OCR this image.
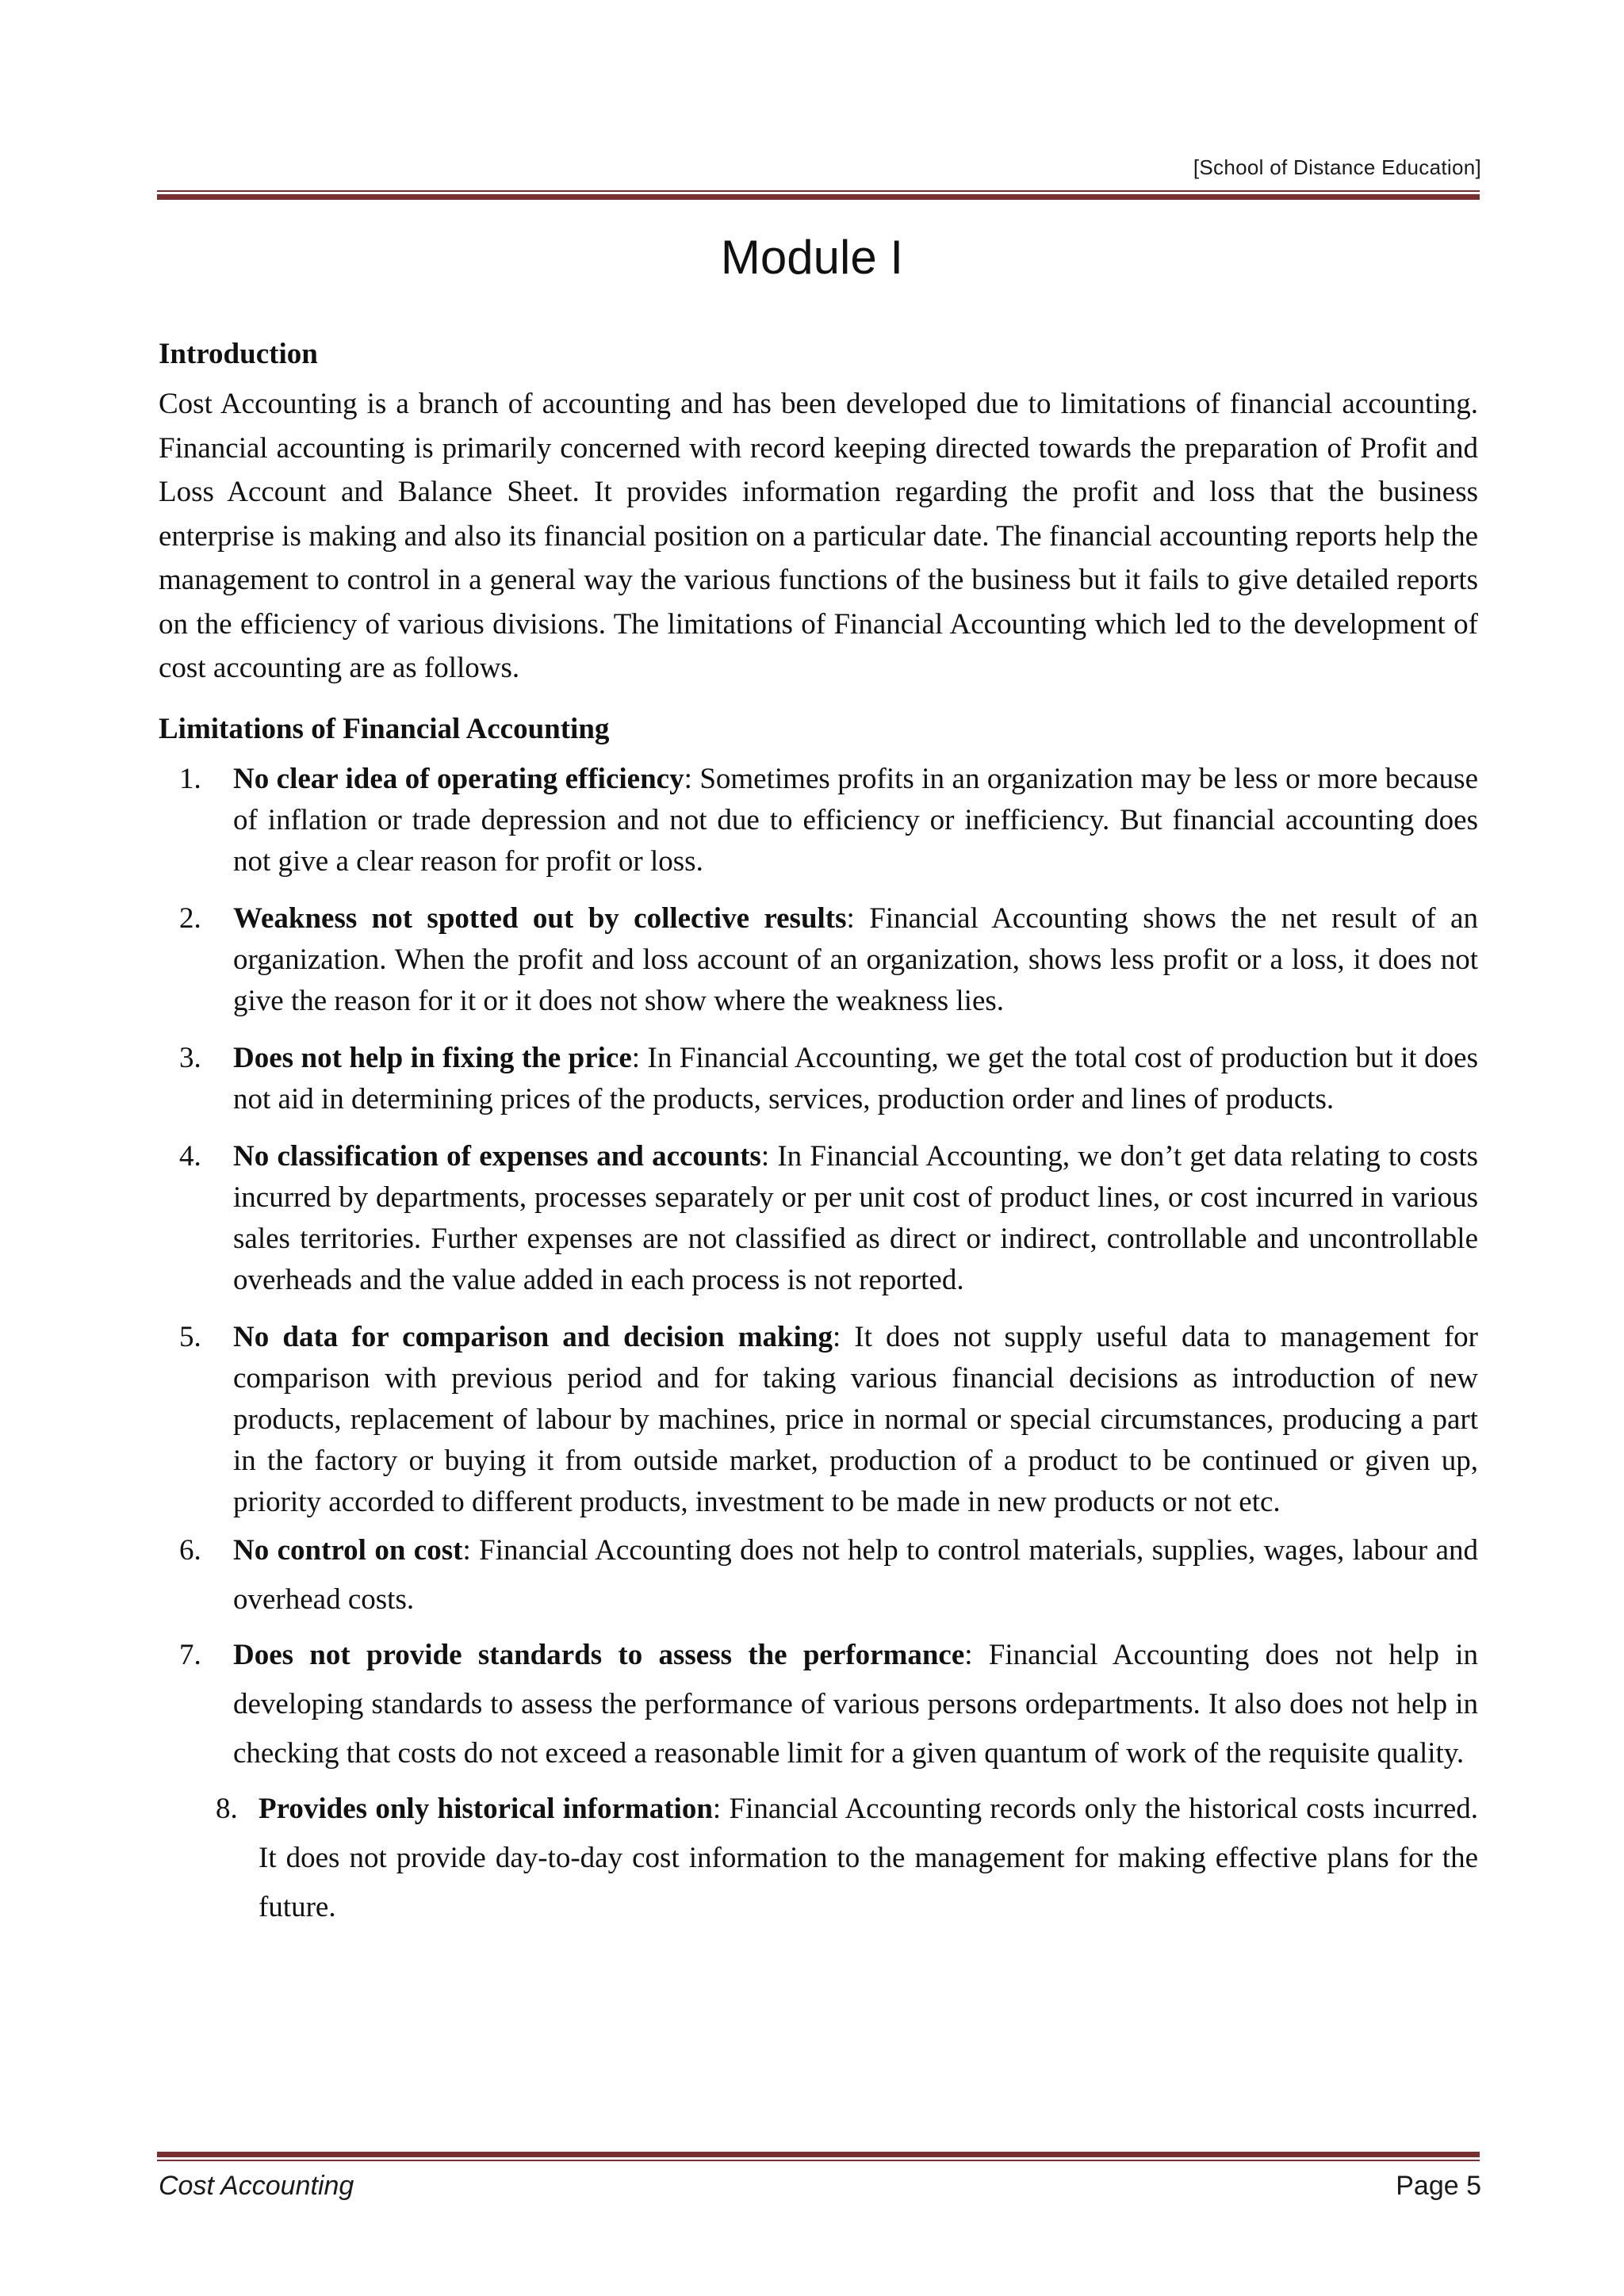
[School of Distance Education]
Module I
Introduction

Cost Accounting is a branch of accounting and has been developed due to limitations of financial accounting. Financial accounting is primarily concerned with record keeping directed towards the preparation of Profit and Loss Account and Balance Sheet. It provides information regarding the profit and loss that the business enterprise is making and also its financial position on a particular date. The financial accounting reports help the management to control in a general way the various functions of the business but it fails to give detailed reports on the efficiency of various divisions. The limitations of Financial Accounting which led to the development of cost accounting are as follows.

Limitations of Financial Accounting
1. No clear idea of operating efficiency: Sometimes profits in an organization may be less or more because of inflation or trade depression and not due to efficiency or inefficiency. But financial accounting does not give a clear reason for profit or loss.
2. Weakness not spotted out by collective results: Financial Accounting shows the net result of an organization. When the profit and loss account of an organization, shows less profit or a loss, it does not give the reason for it or it does not show where the weakness lies.
3. Does not help in fixing the price: In Financial Accounting, we get the total cost of production but it does not aid in determining prices of the products, services, production order and lines of products.
4. No classification of expenses and accounts: In Financial Accounting, we don’t get data relating to costs incurred by departments, processes separately or per unit cost of product lines, or cost incurred in various sales territories. Further expenses are not classified as direct or indirect, controllable and uncontrollable overheads and the value added in each process is not reported.
5. No data for comparison and decision making: It does not supply useful data to management for comparison with previous period and for taking various financial decisions as introduction of new products, replacement of labour by machines, price in normal or special circumstances, producing a part in the factory or buying it from outside market, production of a product to be continued or given up, priority accorded to different products, investment to be made in new products or not etc.
6. No control on cost: Financial Accounting does not help to control materials, supplies, wages, labour and overhead costs.
7. Does not provide standards to assess the performance: Financial Accounting does not help in developing standards to assess the performance of various persons ordepartments. It also does not help in checking that costs do not exceed a reasonable limit for a given quantum of work of the requisite quality.
8. Provides only historical information: Financial Accounting records only the historical costs incurred. It does not provide day-to-day cost information to the management for making effective plans for the future.
Cost Accounting	Page 5
